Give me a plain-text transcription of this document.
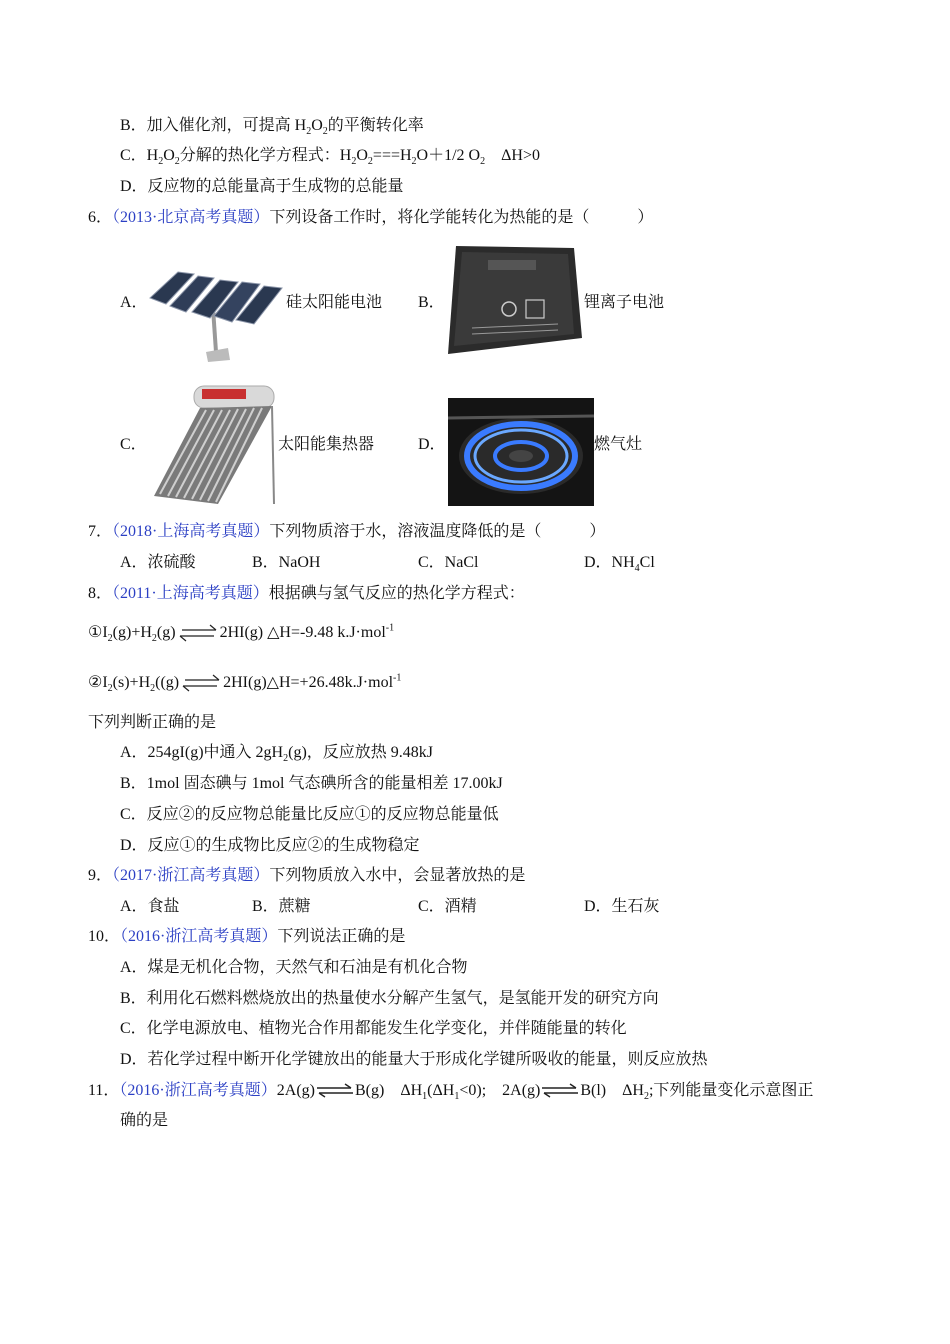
B．加入催化剂，可提高 $H_2O_2$的平衡转化率
C．$H_2O_2$分解的热化学方程式：$H_2O_2===H_2O+1/2$ $O_2$　 ΔH>0
D．反应物的总能量高于生成物的总能量
6．（2013·北京高考真题）下列设备工作时，将化学能转化为热能的是（　　　）
A．	硅太阳能电池 B．	锂离子电池
C．	太阳能集热器	D．	燃气灶
7．（2018·上海高考真题）下列物质溶于水，溶液温度降低的是（　　　）
A．浓硫酸	B．NaOH	C．NaCl	D．$NH_4Cl$
8．（2011·上海高考真题）根据碘与氢气反应的热化学方程式：
$①I_2(g)+H_2(g)\rightleftharpoons 2HI(g)$ △H=-9.48 k.J·mol$^{-1}$
$②I_2(s)+H_2((g)\rightleftharpoons 2HI(g)\triangle H=+26.48k.J\cdot mol^{-1}$
下列判断正确的是
A．254gI(g)中通入 $2gH_2(g)$，反应放热 9.48kJ
B．1mol 固态碘与 1mol 气态碘所含的能量相差 17.00kJ
C．反应②的反应物总能量比反应①的反应物总能量低
D．反应①的生成物比反应②的生成物稳定
9．（2017·浙江高考真题）下列物质放入水中，会显著放热的是
A．食盐	B．蔗糖	C．酒精	D．生石灰
10．（2016·浙江高考真题）下列说法正确的是
A．煤是无机化合物，天然气和石油是有机化合物
B．利用化石燃料燃烧放出的热量使水分解产生氢气，是氢能开发的研究方向
C．化学电源放电、植物光合作用都能发生化学变化，并伴随能量的转化
D．若化学过程中断开化学键放出的能量大于形成化学键所吸收的能量，则反应放热
11．（2016·浙江高考真题）2A(g)⇌B(g)　$\Delta H_1(\Delta H_1<0)$;　2A(g)⇌B(l)　$\Delta H_2$;下列能量变化示意图正
确的是
